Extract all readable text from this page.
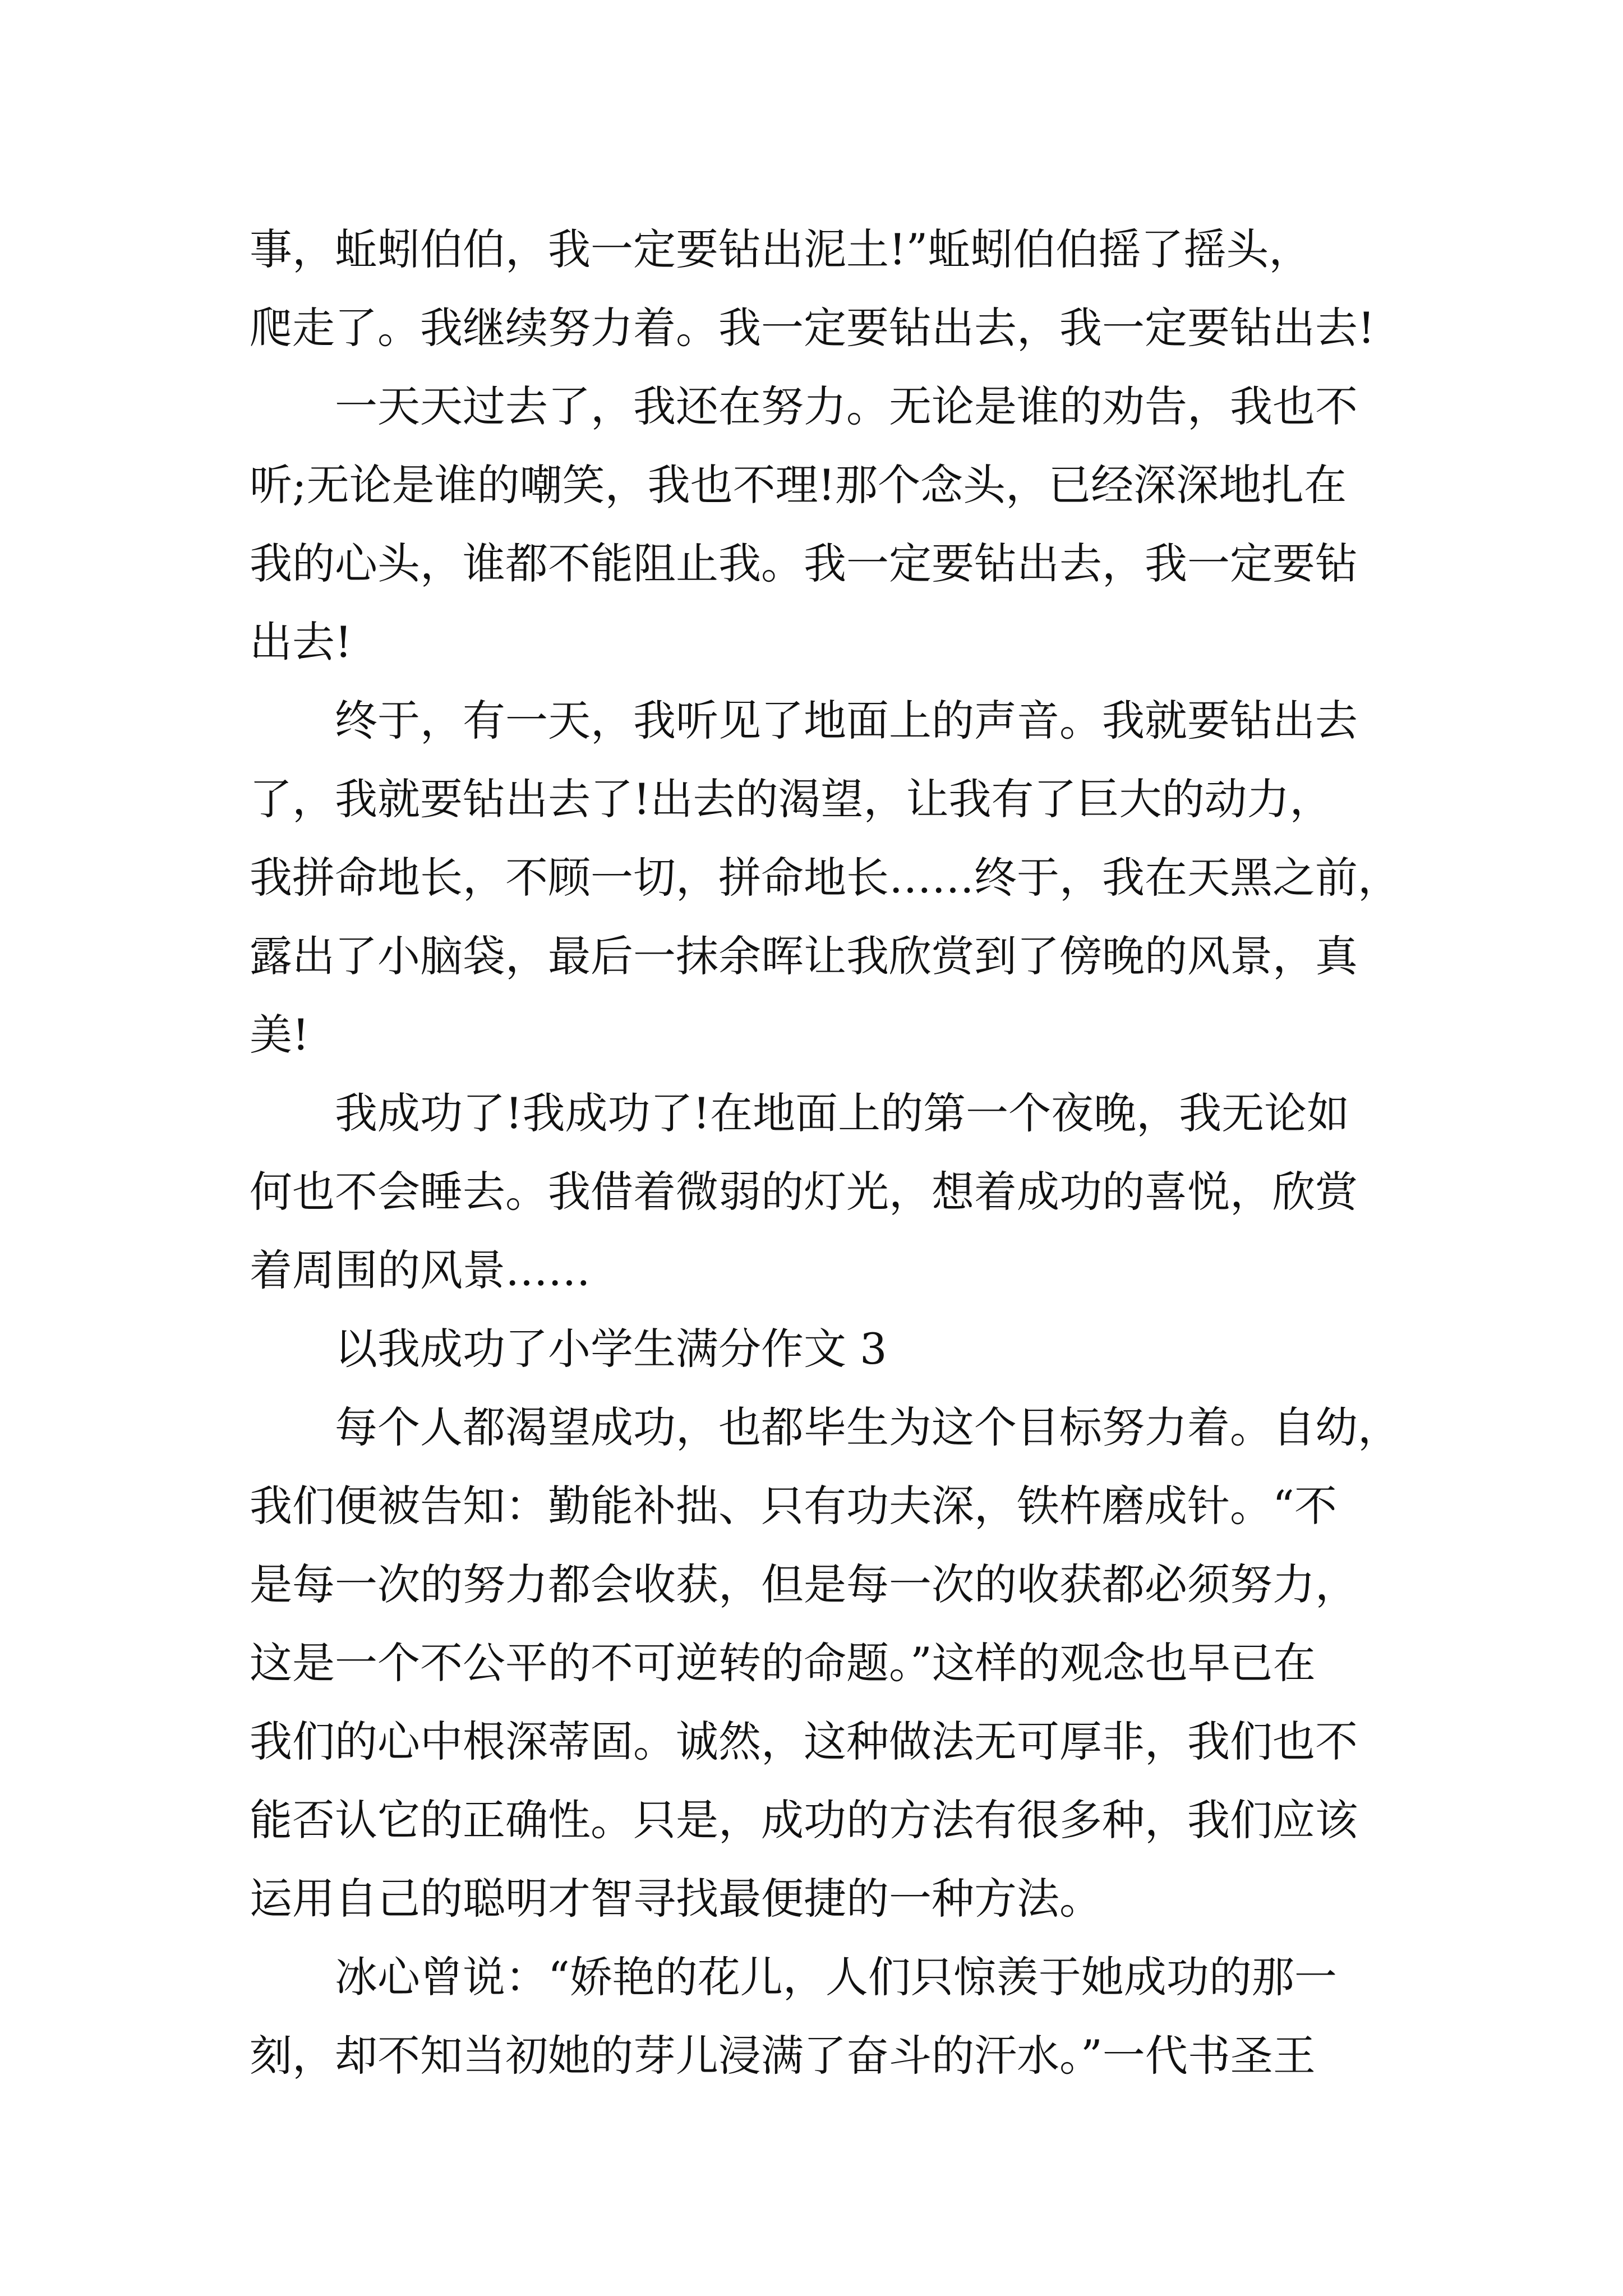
事，蚯蚓伯伯，我一定要钻出泥土!”蚯蚓伯伯摇了摇头，
爬走了。我继续努力着。我一定要钻出去，我一定要钻出去!
一天天过去了，我还在努力。无论是谁的劝告，我也不
听;无论是谁的嘲笑，我也不理!那个念头，已经深深地扎在
我的心头，谁都不能阻止我。我一定要钻出去，我一定要钻
出去!
终于，有一天，我听见了地面上的声音。我就要钻出去
了，我就要钻出去了!出去的渴望，让我有了巨大的动力，
我拼命地长，不顾一切，拼命地长……终于，我在天黑之前，
露出了小脑袋，最后一抹余晖让我欣赏到了傍晚的风景，真
美!
我成功了!我成功了!在地面上的第一个夜晚，我无论如
何也不会睡去。我借着微弱的灯光，想着成功的喜悦，欣赏
着周围的风景……
以我成功了小学生满分作文 3
每个人都渴望成功，也都毕生为这个目标努力着。自幼，
我们便被告知：勤能补拙、只有功夫深，铁杵磨成针。“不
是每一次的努力都会收获，但是每一次的收获都必须努力，
这是一个不公平的不可逆转的命题。”这样的观念也早已在
我们的心中根深蒂固。诚然，这种做法无可厚非，我们也不
能否认它的正确性。只是，成功的方法有很多种，我们应该
运用自己的聪明才智寻找最便捷的一种方法。
冰心曾说：“娇艳的花儿，人们只惊羡于她成功的那一
刻，却不知当初她的芽儿浸满了奋斗的汗水。”一代书圣王
